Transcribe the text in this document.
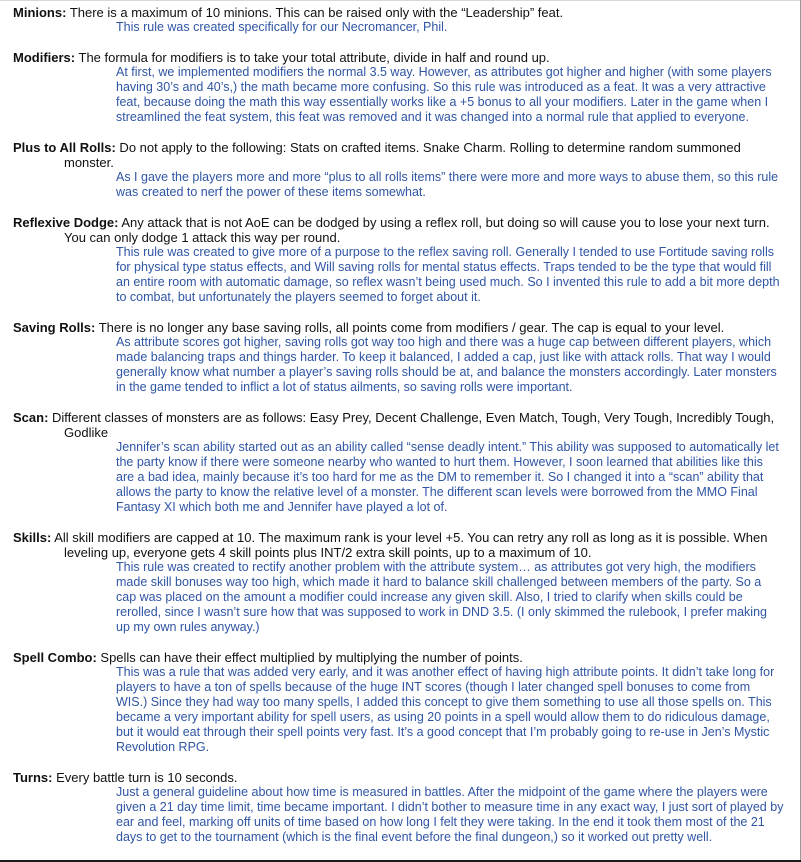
Minions: There is a maximum of 10 minions. This can be raised only with the “Leadership” feat.

This rule was created specifically for our Necromancer, Phil.

Modifiers: The formula for modifiers is to take your total attribute, divide in half and round up.

At first, we implemented modifiers the normal 3.5 way. However, as attributes got higher and higher (with some players having 30’s and 40’s,) the math became more confusing. So this rule was introduced as a feat. It was a very attractive feat, because doing the math this way essentially works like a +5 bonus to all your modifiers. Later in the game when I streamlined the feat system, this feat was removed and it was changed into a normal rule that applied to everyone.

Plus to All Rolls: Do not apply to the following: Stats on crafted items. Snake Charm. Rolling to determine random summoned monster.

As I gave the players more and more “plus to all rolls items” there were more and more ways to abuse them, so this rule was created to nerf the power of these items somewhat.

Reflexive Dodge: Any attack that is not AoE can be dodged by using a reflex roll, but doing so will cause you to lose your next turn. You can only dodge 1 attack this way per round.

This rule was created to give more of a purpose to the reflex saving roll. Generally I tended to use Fortitude saving rolls for physical type status effects, and Will saving rolls for mental status effects. Traps tended to be the type that would fill an entire room with automatic damage, so reflex wasn’t being used much. So I invented this rule to add a bit more depth to combat, but unfortunately the players seemed to forget about it.

Saving Rolls: There is no longer any base saving rolls, all points come from modifiers / gear. The cap is equal to your level.

As attribute scores got higher, saving rolls got way too high and there was a huge cap between different players, which made balancing traps and things harder. To keep it balanced, I added a cap, just like with attack rolls. That way I would generally know what number a player’s saving rolls should be at, and balance the monsters accordingly. Later monsters in the game tended to inflict a lot of status ailments, so saving rolls were important.

Scan: Different classes of monsters are as follows: Easy Prey, Decent Challenge, Even Match, Tough, Very Tough, Incredibly Tough, Godlike

Jennifer’s scan ability started out as an ability called “sense deadly intent.” This ability was supposed to automatically let the party know if there were someone nearby who wanted to hurt them. However, I soon learned that abilities like this are a bad idea, mainly because it’s too hard for me as the DM to remember it. So I changed it into a “scan” ability that allows the party to know the relative level of a monster. The different scan levels were borrowed from the MMO Final Fantasy XI which both me and Jennifer have played a lot of.

Skills: All skill modifiers are capped at 10. The maximum rank is your level +5. You can retry any roll as long as it is possible. When leveling up, everyone gets 4 skill points plus INT/2 extra skill points, up to a maximum of 10.

This rule was created to rectify another problem with the attribute system… as attributes got very high, the modifiers made skill bonuses way too high, which made it hard to balance skill challenged between members of the party. So a cap was placed on the amount a modifier could increase any given skill. Also, I tried to clarify when skills could be rerolled, since I wasn’t sure how that was supposed to work in DND 3.5. (I only skimmed the rulebook, I prefer making up my own rules anyway.)

Spell Combo: Spells can have their effect multiplied by multiplying the number of points.

This was a rule that was added very early, and it was another effect of having high attribute points. It didn’t take long for players to have a ton of spells because of the huge INT scores (though I later changed spell bonuses to come from WIS.) Since they had way too many spells, I added this concept to give them something to use all those spells on. This became a very important ability for spell users, as using 20 points in a spell would allow them to do ridiculous damage, but it would eat through their spell points very fast. It’s a good concept that I’m probably going to re-use in Jen’s Mystic Revolution RPG.

Turns: Every battle turn is 10 seconds.

Just a general guideline about how time is measured in battles. After the midpoint of the game where the players were given a 21 day time limit, time became important. I didn’t bother to measure time in any exact way, I just sort of played by ear and feel, marking off units of time based on how long I felt they were taking. In the end it took them most of the 21 days to get to the tournament (which is the final event before the final dungeon,) so it worked out pretty well.
